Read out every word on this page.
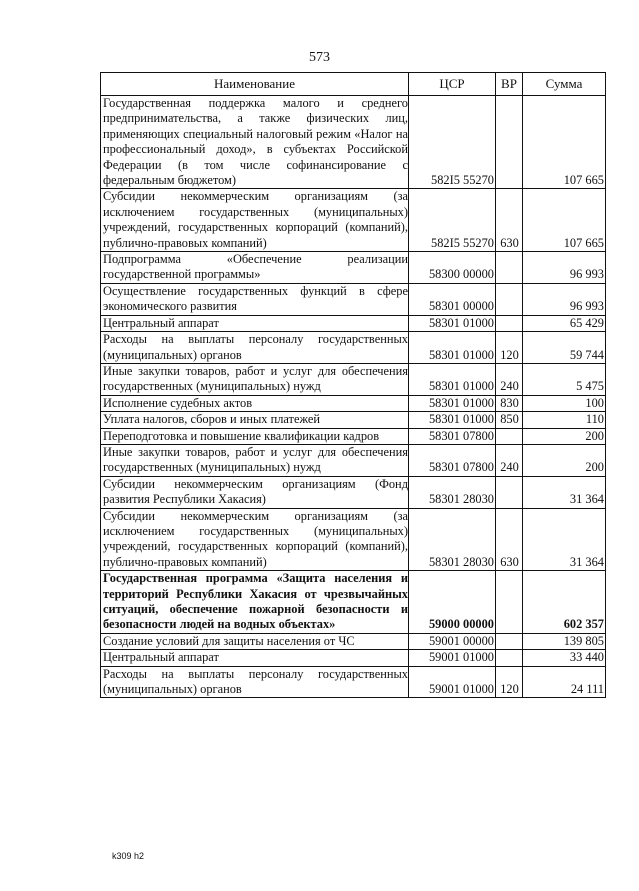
573
Наименование	ЦСР	ВР	Сумма
Государственная поддержка малого и среднего предпринимательства, а также физических лиц, применяющих специальный налоговый режим «Налог на профессиональный доход», в субъектах Российской Федерации (в том числе софинансирование с федеральным бюджетом)	582I5 55270		107 665
Субсидии некоммерческим организациям (за исключением государственных (муниципальных) учреждений, государственных корпораций (компаний), публично-правовых компаний)	582I5 55270	630	107 665
Подпрограмма «Обеспечение реализации государственной программы»	58300 00000		96 993
Осуществление государственных функций в сфере экономического развития	58301 00000		96 993
Центральный аппарат	58301 01000		65 429
Расходы на выплаты персоналу государственных (муниципальных) органов	58301 01000	120	59 744
Иные закупки товаров, работ и услуг для обеспечения государственных (муниципальных) нужд	58301 01000	240	5 475
Исполнение судебных актов	58301 01000	830	100
Уплата налогов, сборов и иных платежей	58301 01000	850	110
Переподготовка и повышение квалификации кадров	58301 07800		200
Иные закупки товаров, работ и услуг для обеспечения государственных (муниципальных) нужд	58301 07800	240	200
Субсидии некоммерческим организациям (Фонд развития Республики Хакасия)	58301 28030		31 364
Субсидии некоммерческим организациям (за исключением государственных (муниципальных) учреждений, государственных корпораций (компаний), публично-правовых компаний)	58301 28030	630	31 364
Государственная программа «Защита населения и территорий Республики Хакасия от чрезвычайных ситуаций, обеспечение пожарной безопасности и безопасности людей на водных объектах»	59000 00000		602 357
Создание условий для защиты населения от ЧС	59001 00000		139 805
Центральный аппарат	59001 01000		33 440
Расходы на выплаты персоналу государственных (муниципальных) органов	59001 01000	120	24 111
k309 h2
